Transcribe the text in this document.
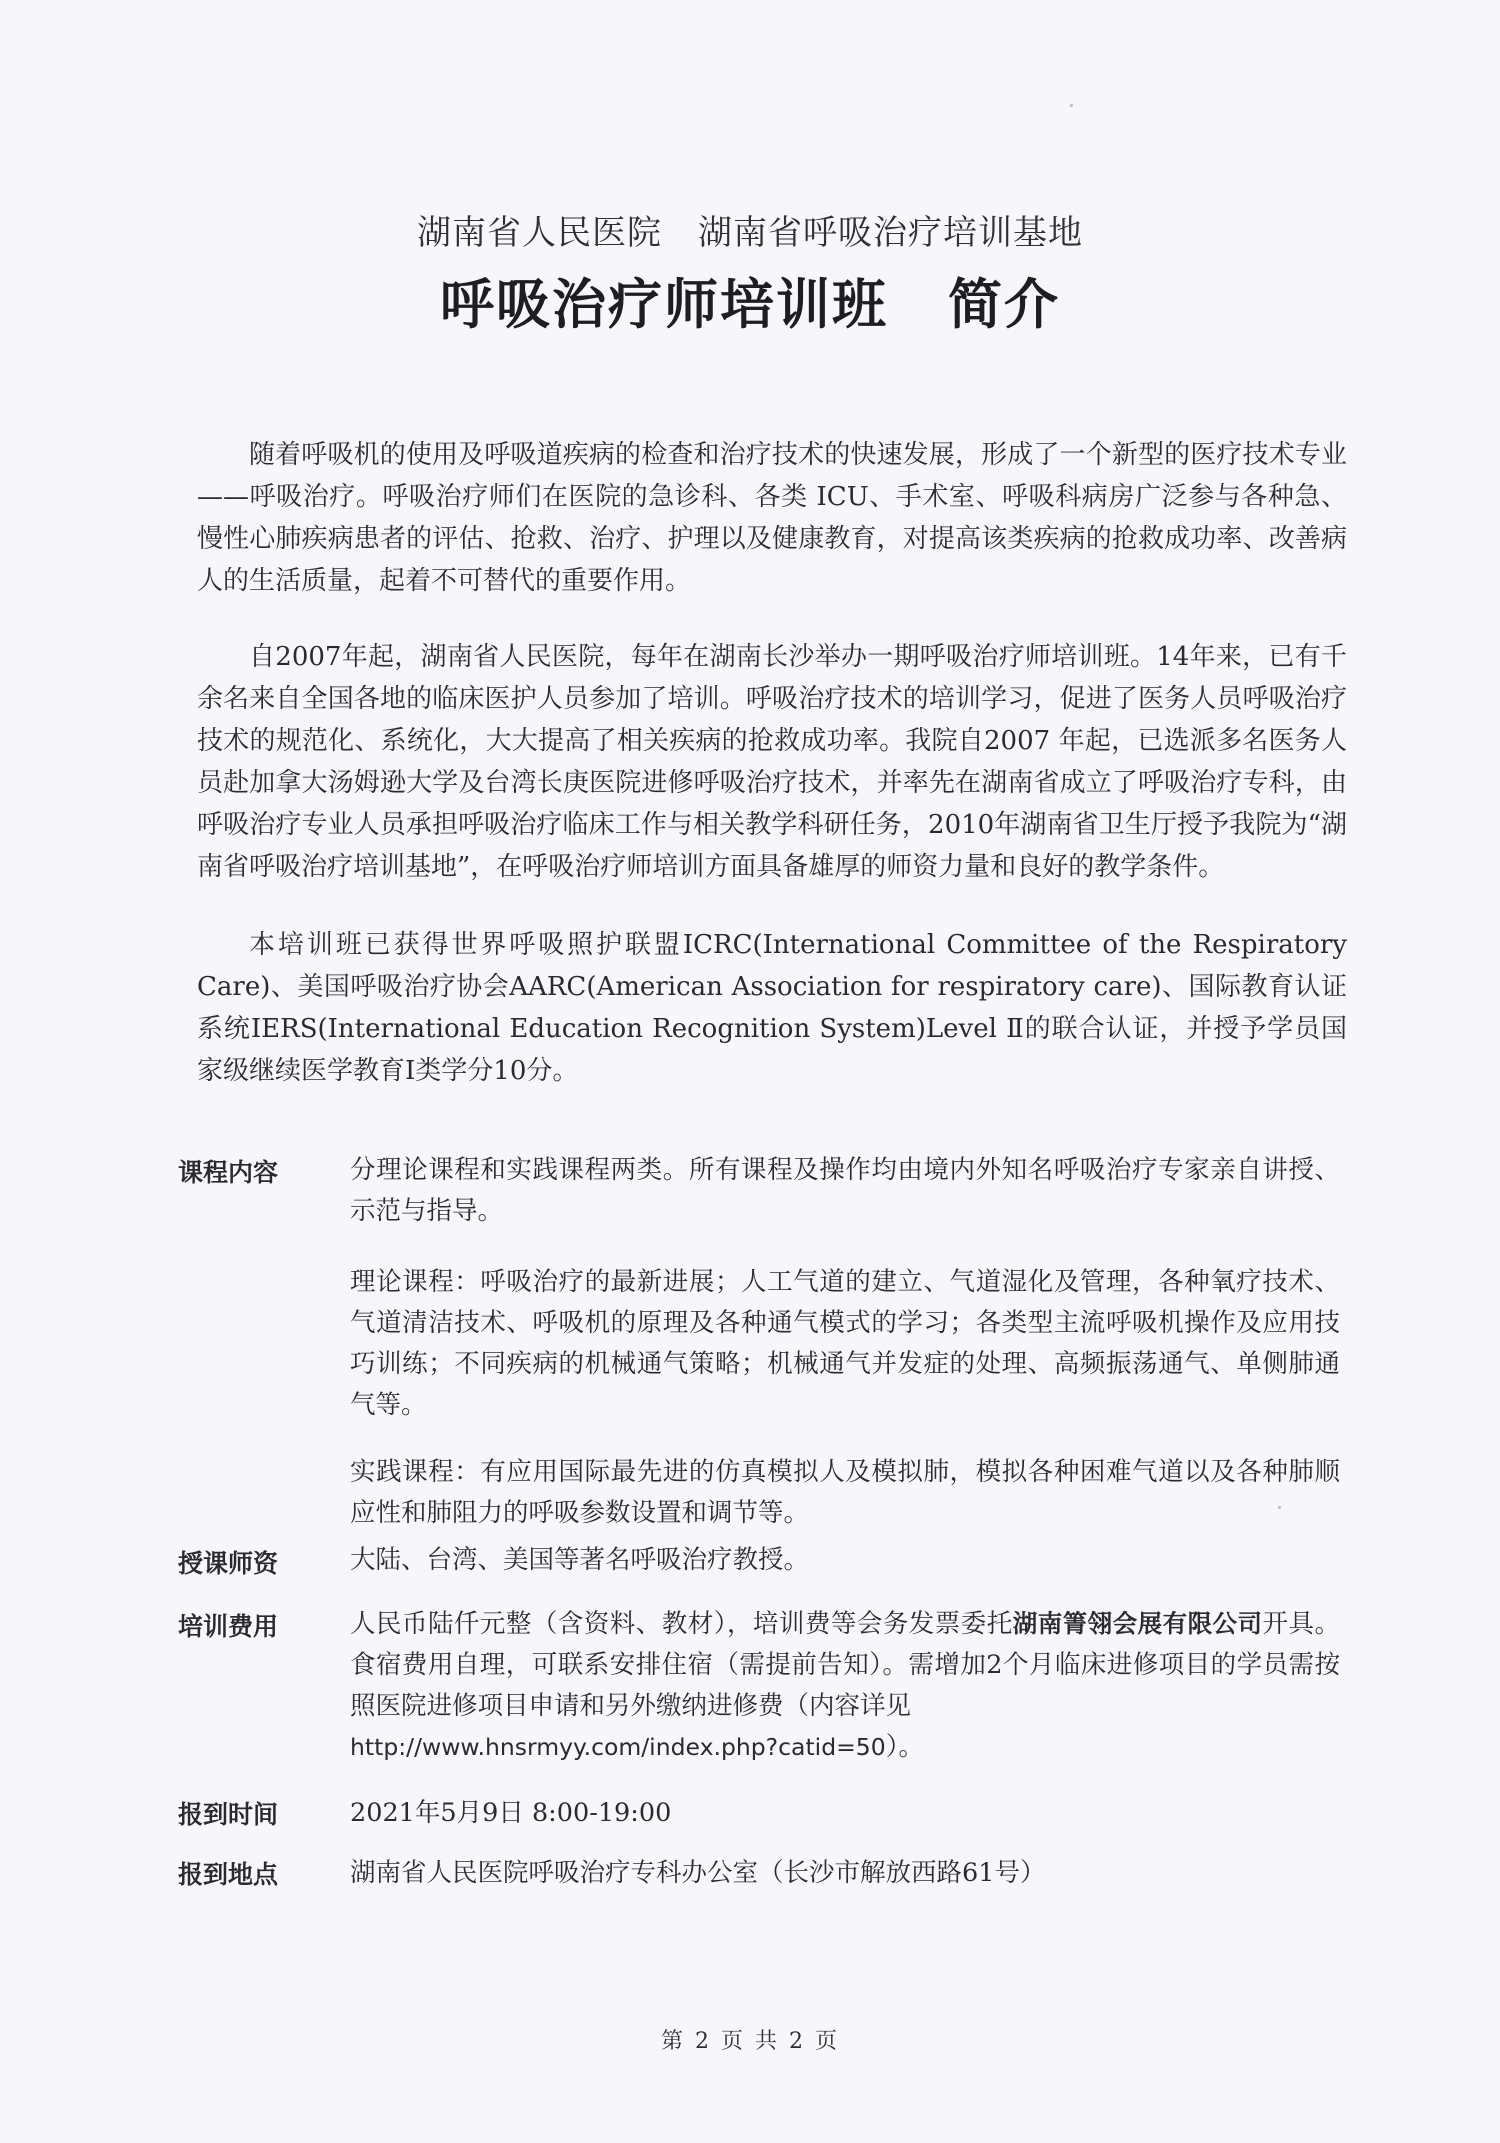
湖南省人民医院 湖南省呼吸治疗培训基地
呼吸治疗师培训班 简介

随着呼吸机的使用及呼吸道疾病的检查和治疗技术的快速发展，形成了一个新型的医疗技术专业——呼吸治疗。呼吸治疗师们在医院的急诊科、各类 ICU、手术室、呼吸科病房广泛参与各种急、慢性心肺疾病患者的评估、抢救、治疗、护理以及健康教育，对提高该类疾病的抢救成功率、改善病人的生活质量，起着不可替代的重要作用。

自2007年起，湖南省人民医院，每年在湖南长沙举办一期呼吸治疗师培训班。14年来，已有千余名来自全国各地的临床医护人员参加了培训。呼吸治疗技术的培训学习，促进了医务人员呼吸治疗技术的规范化、系统化，大大提高了相关疾病的抢救成功率。我院自2007 年起，已选派多名医务人员赴加拿大汤姆逊大学及台湾长庚医院进修呼吸治疗技术，并率先在湖南省成立了呼吸治疗专科，由呼吸治疗专业人员承担呼吸治疗临床工作与相关教学科研任务，2010年湖南省卫生厅授予我院为“湖南省呼吸治疗培训基地”，在呼吸治疗师培训方面具备雄厚的师资力量和良好的教学条件。

本培训班已获得世界呼吸照护联盟ICRC(International Committee of the Respiratory Care)、美国呼吸治疗协会AARC(American Association for respiratory care)、国际教育认证系统IERS(International Education Recognition System)Level Ⅱ的联合认证，并授予学员国家级继续医学教育Ⅰ类学分10分。

课程内容	分理论课程和实践课程两类。所有课程及操作均由境内外知名呼吸治疗专家亲自讲授、示范与指导。
理论课程：呼吸治疗的最新进展；人工气道的建立、气道湿化及管理，各种氧疗技术、气道清洁技术、呼吸机的原理及各种通气模式的学习；各类型主流呼吸机操作及应用技巧训练；不同疾病的机械通气策略；机械通气并发症的处理、高频振荡通气、单侧肺通气等。
实践课程：有应用国际最先进的仿真模拟人及模拟肺，模拟各种困难气道以及各种肺顺应性和肺阻力的呼吸参数设置和调节等。
授课师资	大陆、台湾、美国等著名呼吸治疗教授。
培训费用	人民币陆仟元整（含资料、教材），培训费等会务发票委托湖南箐翎会展有限公司开具。食宿费用自理，可联系安排住宿（需提前告知）。需增加2个月临床进修项目的学员需按照医院进修项目申请和另外缴纳进修费（内容详见
http://www.hnsrmyy.com/index.php?catid=50）。
报到时间	2021年5月9日 8:00-19:00
报到地点	湖南省人民医院呼吸治疗专科办公室（长沙市解放西路61号）
第 2 页 共 2 页
